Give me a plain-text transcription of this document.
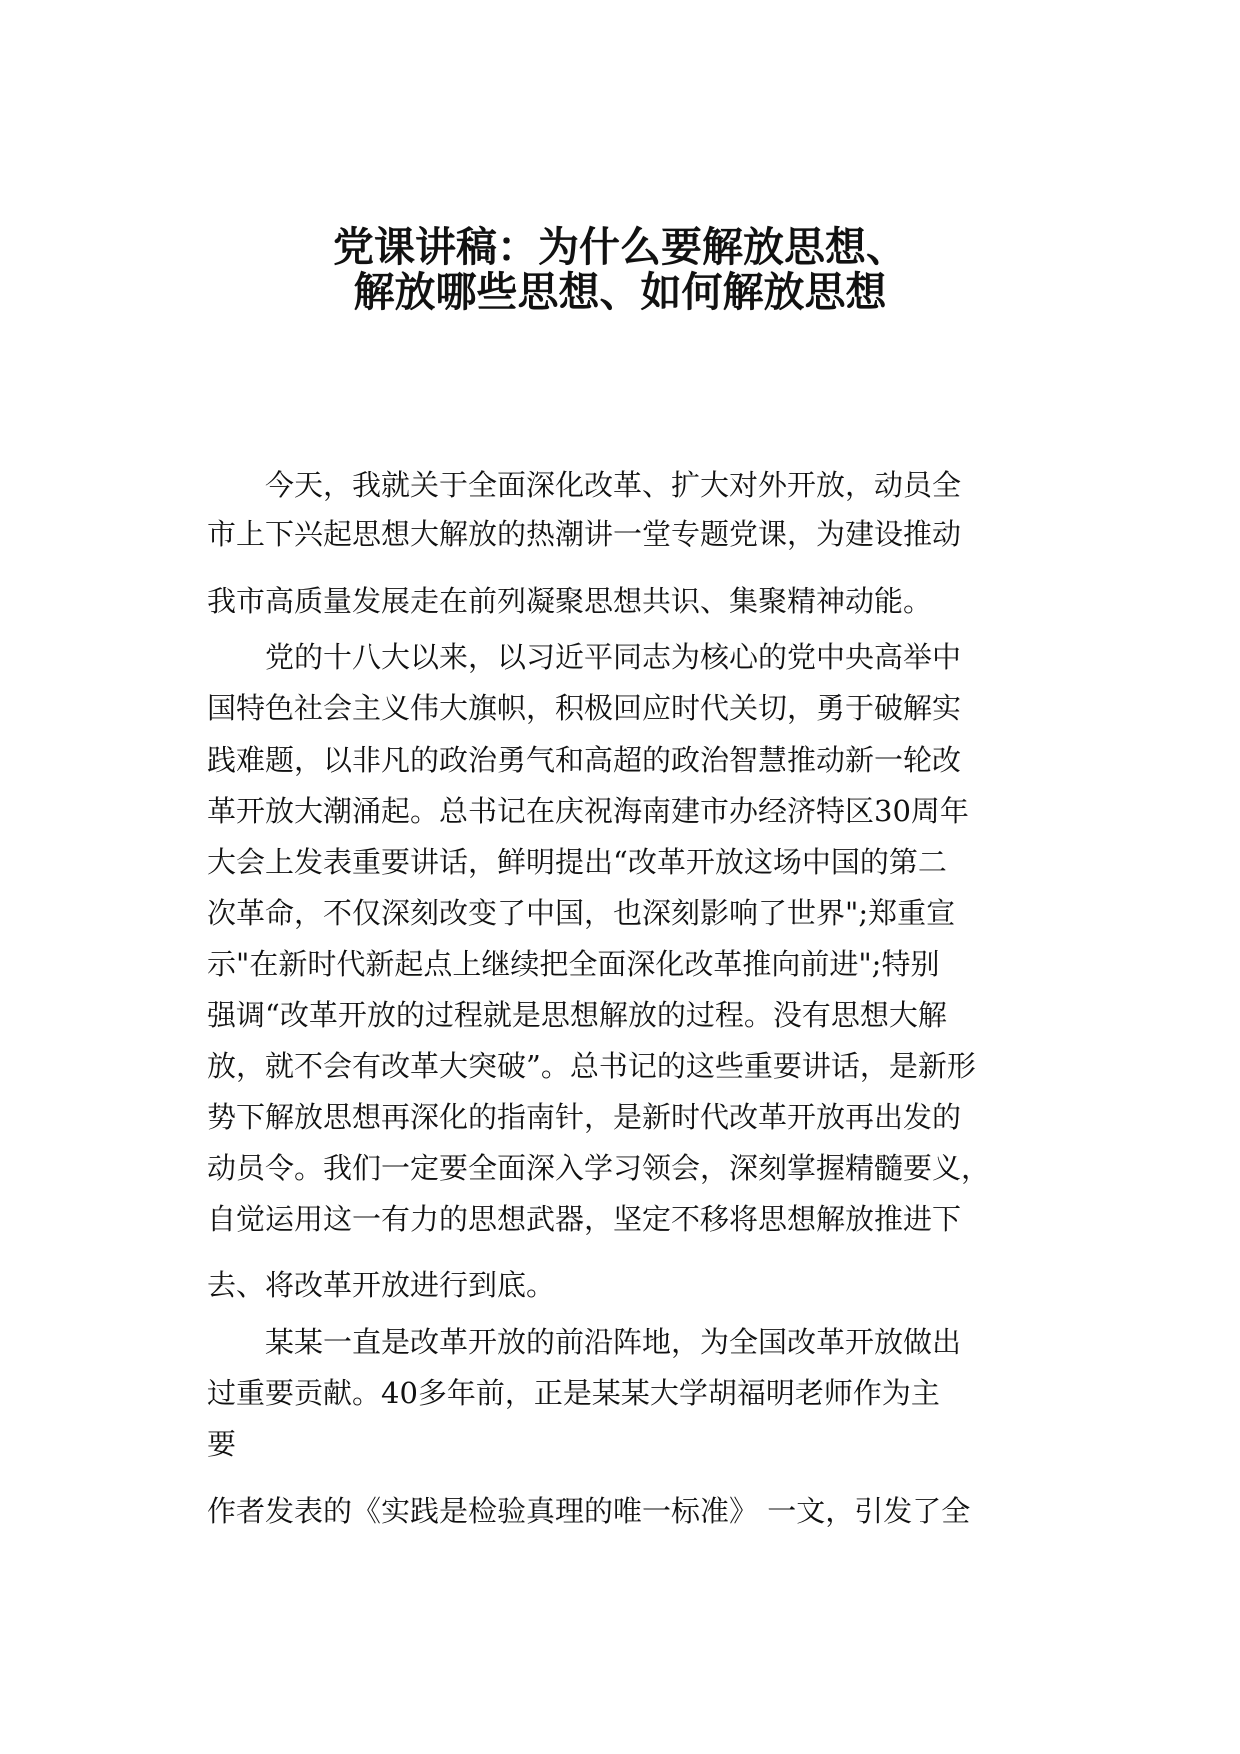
党课讲稿：为什么要解放思想、
解放哪些思想、如何解放思想
今天，我就关于全面深化改革、扩大对外开放，动员全
市上下兴起思想大解放的热潮讲一堂专题党课，为建设推动
我市高质量发展走在前列凝聚思想共识、集聚精神动能。
党的十八大以来，以习近平同志为核心的党中央高举中
国特色社会主义伟大旗帜，积极回应时代关切，勇于破解实
践难题，以非凡的政治勇气和高超的政治智慧推动新一轮改
革开放大潮涌起。总书记在庆祝海南建市办经济特区30周年
大会上发表重要讲话，鲜明提出“改革开放这场中国的第二
次革命，不仅深刻改变了中国，也深刻影响了世界";郑重宣
示"在新时代新起点上继续把全面深化改革推向前进";特别
强调“改革开放的过程就是思想解放的过程。没有思想大解
放，就不会有改革大突破”。总书记的这些重要讲话，是新形
势下解放思想再深化的指南针，是新时代改革开放再出发的
动员令。我们一定要全面深入学习领会，深刻掌握精髓要义，
自觉运用这一有力的思想武器，坚定不移将思想解放推进下
去、将改革开放进行到底。
某某一直是改革开放的前沿阵地，为全国改革开放做出
过重要贡献。40多年前，正是某某大学胡福明老师作为主
要
作者发表的《实践是检验真理的唯一标准》 一文，引发了全
